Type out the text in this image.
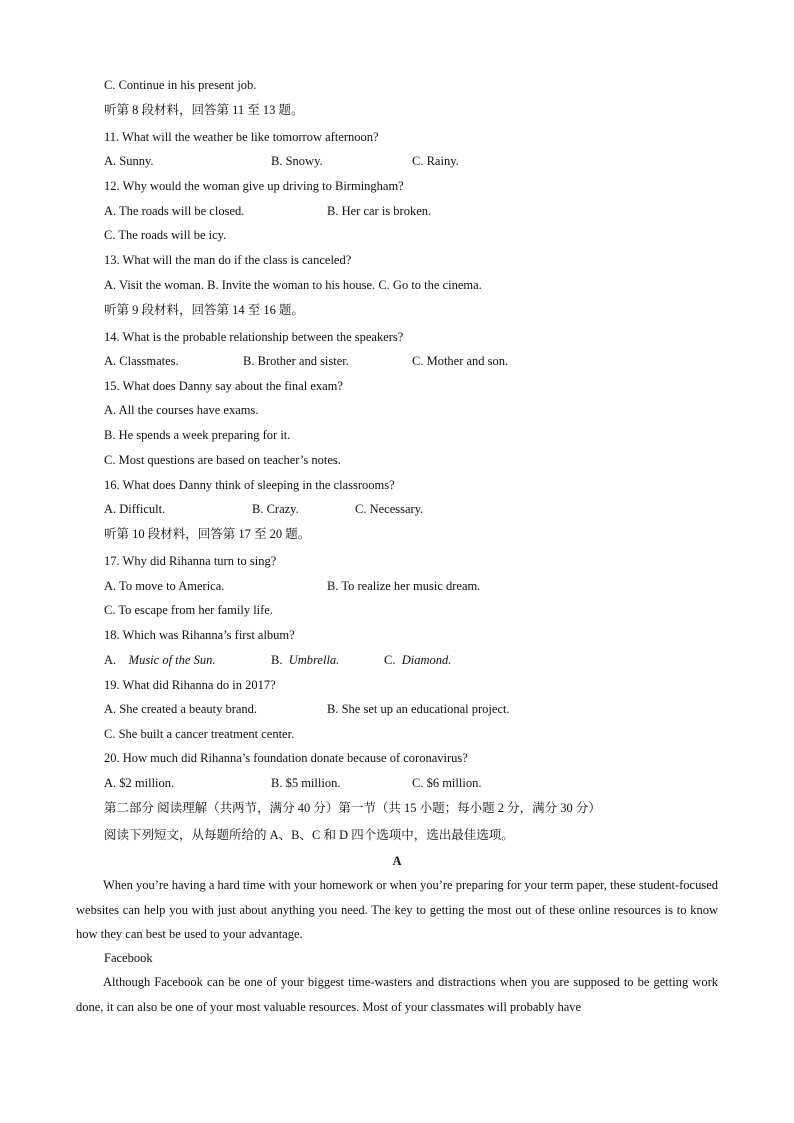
C. Continue in his present job.
听第 8 段材料，回答第 11 至 13 题。
11. What will the weather be like tomorrow afternoon?
A. Sunny.	B. Snowy.	C. Rainy.
12. Why would the woman give up driving to Birmingham?
A. The roads will be closed.	B. Her car is broken.
C. The roads will be icy.
13. What will the man do if the class is canceled?
A. Visit the woman. B. Invite the woman to his house. C. Go to the cinema.
听第 9 段材料，回答第 14 至 16 题。
14. What is the probable relationship between the speakers?
A. Classmates.	B. Brother and sister.	C. Mother and son.
15. What does Danny say about the final exam?
A. All the courses have exams.
B. He spends a week preparing for it.
C. Most questions are based on teacher’s notes.
16. What does Danny think of sleeping in the classrooms?
A. Difficult.	B. Crazy.	C. Necessary.
听第 10 段材料，回答第 17 至 20 题。
17. Why did Rihanna turn to sing?
A. To move to America.	B. To realize her music dream.
C. To escape from her family life.
18. Which was Rihanna’s first album?
A.    Music of the Sun.	B.  Umbrella.	C.  Diamond.
19. What did Rihanna do in 2017?
A. She created a beauty brand.	B. She set up an educational project.
C. She built a cancer treatment center.
20. How much did Rihanna’s foundation donate because of coronavirus?
A. $2 million.	B. $5 million.	C. $6 million.
第二部分 阅读理解（共两节，满分 40 分）第一节（共 15 小题；每小题 2 分，满分 30 分）
阅读下列短文，从每题所给的 A、B、C 和 D 四个选项中，选出最佳选项。
A
When you’re having a hard time with your homework or when you’re preparing for your term paper, these student-focused websites can help you with just about anything you need. The key to getting the most out of these online resources is to know how they can best be used to your advantage.
Facebook
Although Facebook can be one of your biggest time-wasters and distractions when you are supposed to be getting work done, it can also be one of your most valuable resources. Most of your classmates will probably have
